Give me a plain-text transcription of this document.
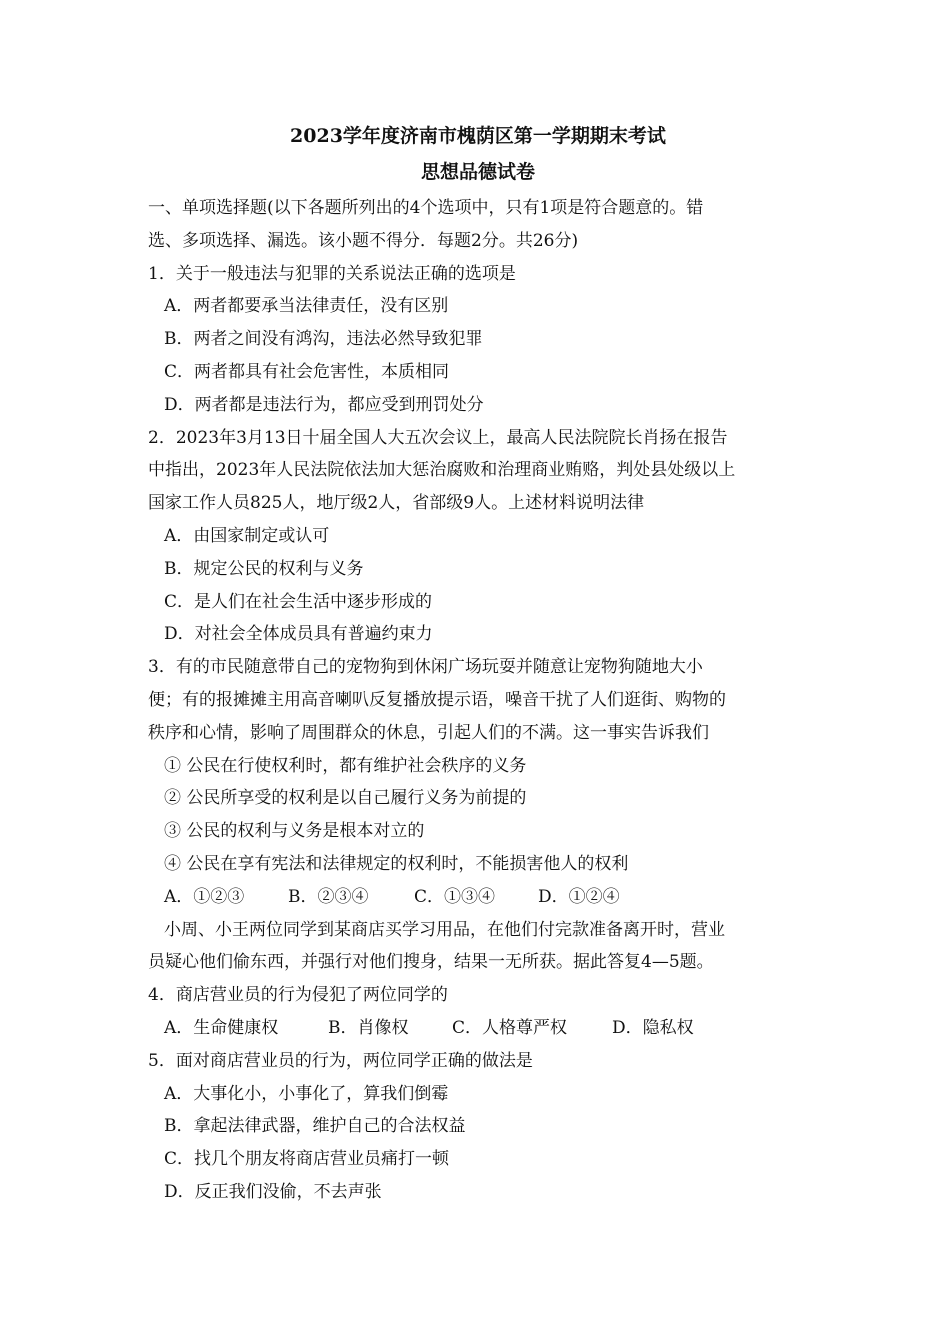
2023学年度济南市槐荫区第一学期期末考试
思想品德试卷
一、单项选择题(以下各题所列出的4个选项中，只有1项是符合题意的。错
选、多项选择、漏选。该小题不得分．每题2分。共26分)
1．关于一般违法与犯罪的关系说法正确的选项是
A．两者都要承当法律责任，没有区别
B．两者之间没有鸿沟，违法必然导致犯罪
C．两者都具有社会危害性，本质相同
D．两者都是违法行为，都应受到刑罚处分
2．2023年3月13日十届全国人大五次会议上，最高人民法院院长肖扬在报告
中指出，2023年人民法院依法加大惩治腐败和治理商业贿赂，判处县处级以上
国家工作人员825人，地厅级2人，省部级9人。上述材料说明法律
A．由国家制定或认可
B．规定公民的权利与义务
C．是人们在社会生活中逐步形成的
D．对社会全体成员具有普遍约束力
3．有的市民随意带自己的宠物狗到休闲广场玩耍并随意让宠物狗随地大小
便；有的报摊摊主用高音喇叭反复播放提示语，噪音干扰了人们逛街、购物的
秩序和心情，影响了周围群众的休息，引起人们的不满。这一事实告诉我们
① 公民在行使权利时，都有维护社会秩序的义务
② 公民所享受的权利是以自己履行义务为前提的
③ 公民的权利与义务是根本对立的
④ 公民在享有宪法和法律规定的权利时，不能损害他人的权利
A．①②③	B．②③④	C．①③④	D．①②④
小周、小王两位同学到某商店买学习用品，在他们付完款准备离开时，营业
员疑心他们偷东西，并强行对他们搜身，结果一无所获。据此答复4—5题。
4．商店营业员的行为侵犯了两位同学的
A．生命健康权	B．肖像权	C．人格尊严权	D．隐私权
5．面对商店营业员的行为，两位同学正确的做法是
A．大事化小，小事化了，算我们倒霉
B．拿起法律武器，维护自己的合法权益
C．找几个朋友将商店营业员痛打一顿
D．反正我们没偷，不去声张
